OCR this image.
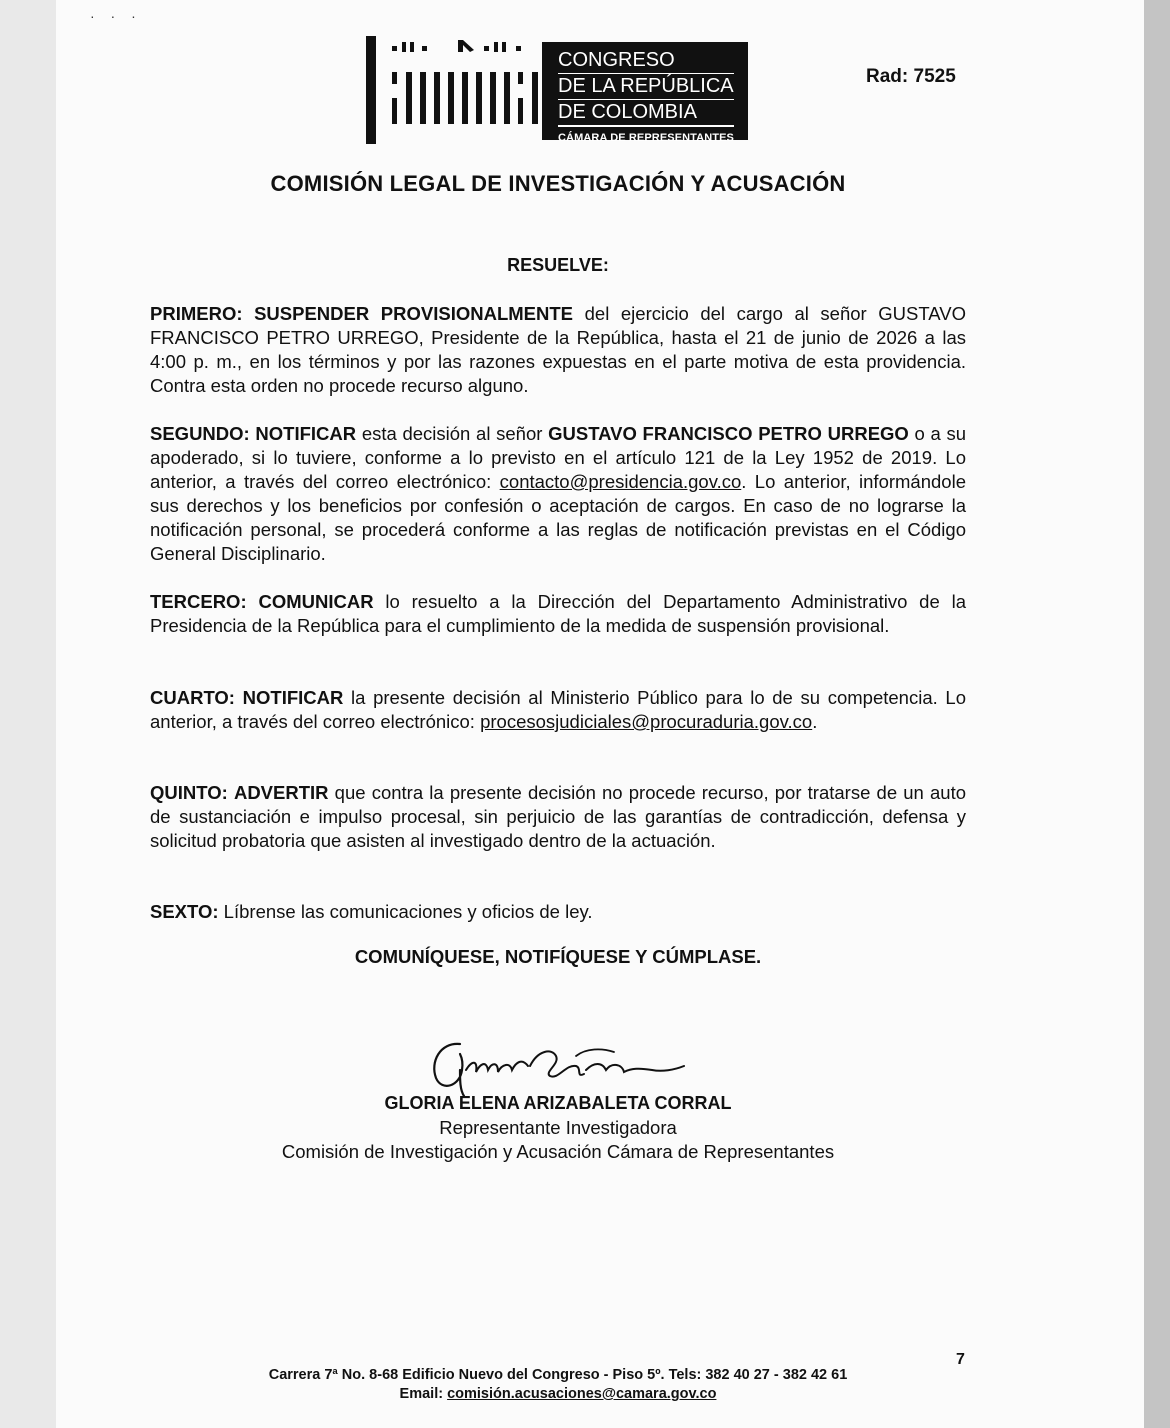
· · ·
CONGRESO
DE LA REPÚBLICA
DE COLOMBIA
CÁMARA DE REPRESENTANTES
Rad: 7525
COMISIÓN LEGAL DE INVESTIGACIÓN Y ACUSACIÓN
RESUELVE:
PRIMERO: SUSPENDER PROVISIONALMENTE del ejercicio del cargo al señor GUSTAVO FRANCISCO PETRO URREGO, Presidente de la República, hasta el 21 de junio de 2026 a las 4:00 p. m., en los términos y por las razones expuestas en el parte motiva de esta providencia. Contra esta orden no procede recurso alguno.
SEGUNDO: NOTIFICAR esta decisión al señor GUSTAVO FRANCISCO PETRO URREGO o a su apoderado, si lo tuviere, conforme a lo previsto en el artículo 121 de la Ley 1952 de 2019. Lo anterior, a través del correo electrónico: contacto@presidencia.gov.co. Lo anterior, informándole sus derechos y los beneficios por confesión o aceptación de cargos. En caso de no lograrse la notificación personal, se procederá conforme a las reglas de notificación previstas en el Código General Disciplinario.
TERCERO: COMUNICAR lo resuelto a la Dirección del Departamento Administrativo de la Presidencia de la República para el cumplimiento de la medida de suspensión provisional.
CUARTO: NOTIFICAR la presente decisión al Ministerio Público para lo de su competencia. Lo anterior, a través del correo electrónico: procesosjudiciales@procuraduria.gov.co.
QUINTO: ADVERTIR que contra la presente decisión no procede recurso, por tratarse de un auto de sustanciación e impulso procesal, sin perjuicio de las garantías de contradicción, defensa y solicitud probatoria que asisten al investigado dentro de la actuación.
SEXTO: Líbrense las comunicaciones y oficios de ley.
COMUNÍQUESE, NOTIFÍQUESE Y CÚMPLASE.
GLORIA ELENA ARIZABALETA CORRAL
Representante Investigadora
Comisión de Investigación y Acusación Cámara de Representantes
7
Carrera 7ª No. 8-68 Edificio Nuevo del Congreso - Piso 5º. Tels: 382 40 27 - 382 42 61
Email: comisión.acusaciones@camara.gov.co
